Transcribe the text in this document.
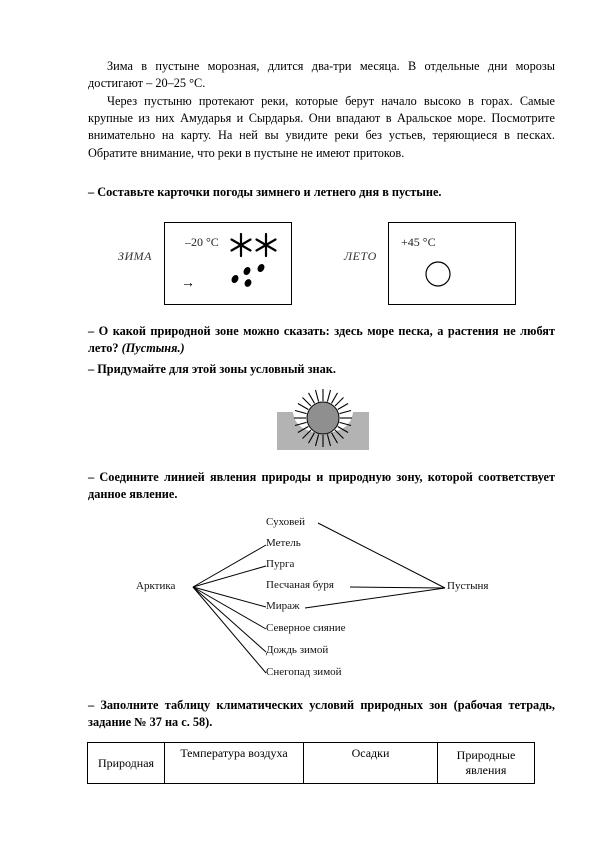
Зима в пустыне морозная, длится два-три месяца. В отдельные дни морозы достигают – 20–25 °С.

Через пустыню протекают реки, которые берут начало высоко в горах. Самые крупные из них Амударья и Сырдарья. Они впадают в Аральское море. Посмотрите внимательно на карту. На ней вы увидите реки без устьев, теряющиеся в песках. Обратите внимание, что реки в пустыне не имеют притоков.

– Составьте карточки погоды зимнего и летнего дня в пустыне.

ЗИМА
–20 °С
→
ЛЕТО
+45 °С

– О какой природной зоне можно сказать: здесь море песка, а растения не любят лето? (Пустыня.)

– Придумайте для этой зоны условный знак.

– Соедините линией явления природы и природную зону, которой соответствует данное явление.

Арктика	Пустыня
Суховей
Метель
Пурга
Песчаная буря
Мираж
Северное сияние
Дождь зимой
Снегопад зимой

– Заполните таблицу климатических условий природных зон (рабочая тетрадь, задание № 37 на с. 58).

Природная	Температура воздуха	Осадки	Природные явления
